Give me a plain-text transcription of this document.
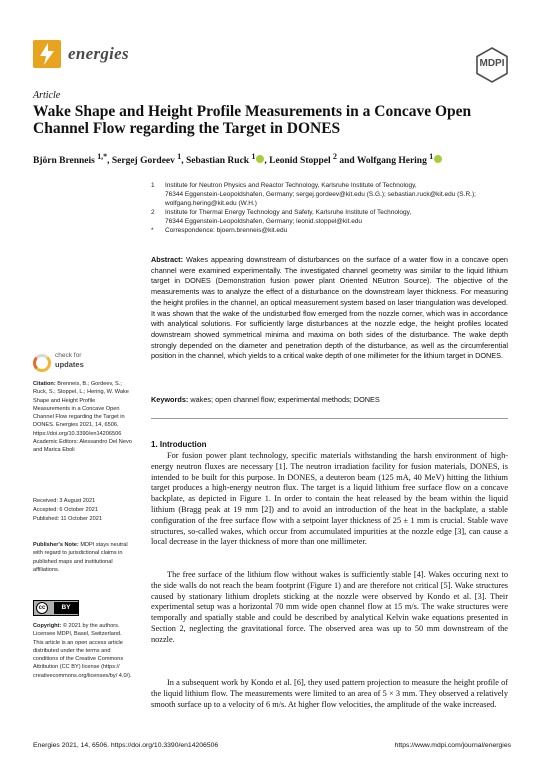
energies
MDPI
Article
Wake Shape and Height Profile Measurements in a Concave Open Channel Flow regarding the Target in DONES
Björn Brenneis $^{1,*}$, Sergej Gordeev $^1$, Sebastian Ruck $^1$ , Leonid Stoppel $^2$ and Wolfgang Hering $^1$
1	Institute for Neutron Physics and Reactor Technology, Karlsruhe Institute of Technology,
76344 Eggenstein-Leopoldshafen, Germany; sergej.gordeev@kit.edu (S.G.); sebastian.ruck@kit.edu (S.R.);
wolfgang.hering@kit.edu (W.H.)
2	Institute for Thermal Energy Technology and Safety, Karlsruhe Institute of Technology,
76344 Eggenstein-Leopoldshafen, Germany; leonid.stoppel@kit.edu
*	Correspondence: bjoern.brenneis@kit.edu
Abstract: Wakes appearing downstream of disturbances on the surface of a water flow in a concave open channel were examined experimentally. The investigated channel geometry was similar to the liquid lithium target in DONES (Demonstration fusion power plant Oriented NEutron Source). The objective of the measurements was to analyze the effect of a disturbance on the downstream layer thickness. For measuring the height profiles in the channel, an optical measurement system based on laser triangulation was developed. It was shown that the wake of the undisturbed flow emerged from the nozzle corner, which was in accordance with analytical solutions. For sufficiently large disturbances at the nozzle edge, the height profiles located downstream showed symmetrical minima and maxima on both sides of the disturbance. The wake depth strongly depended on the diameter and penetration depth of the disturbance, as well as the circumferential position in the channel, which yields to a critical wake depth of one millimeter for the lithium target in DONES.
Keywords: wakes; open channel flow; experimental methods; DONES
check for
updates
Citation: Brenneis, B.; Gordeev, S.; Ruck, S.; Stoppel, L.; Hering, W. Wake Shape and Height Profile Measurements in a Concave Open Channel Flow regarding the Target in DONES. Energies 2021, 14, 6506. https://doi.org/10.3390/en14206506
Academic Editors: Alessandro Del Nevo and Marica Eboli
Received: 3 August 2021
Accepted: 6 October 2021
Published: 11 October 2021
Publisher's Note: MDPI stays neutral with regard to jurisdictional claims in published maps and institutional affiliations.
cc	BY
Copyright: © 2021 by the authors. Licensee MDPI, Basel, Switzerland. This article is an open access article distributed under the terms and conditions of the Creative Commons Attribution (CC BY) license (https:// creativecommons.org/licenses/by/ 4.0/).
1. Introduction
For fusion power plant technology, specific materials withstanding the harsh environment of high-energy neutron fluxes are necessary [1]. The neutron irradiation facility for fusion materials, DONES, is intended to be built for this purpose. In DONES, a deuteron beam (125 mA, 40 MeV) hitting the lithium target produces a high-energy neutron flux. The target is a liquid lithium free surface flow on a concave backplate, as depicted in Figure 1. In order to contain the heat released by the beam within the liquid lithium (Bragg peak at 19 mm [2]) and to avoid an introduction of the heat in the backplate, a stable configuration of the free surface flow with a setpoint layer thickness of 25 ± 1 mm is crucial. Stable wave structures, so-called wakes, which occur from accumulated impurities at the nozzle edge [3], can cause a local decrease in the layer thickness of more than one millimeter.
The free surface of the lithium flow without wakes is sufficiently stable [4]. Wakes occuring next to the side walls do not reach the beam footprint (Figure 1) and are therefore not critical [5]. Wake structures caused by stationary lithium droplets sticking at the nozzle were observed by Kondo et al. [3]. Their experimental setup was a horizontal 70 mm wide open channel flow at 15 m/s. The wake structures were temporally and spatially stable and could be described by analytical Kelvin wake equations presented in Section 2, neglecting the gravitational force. The observed area was up to 50 mm downstream of the nozzle.
In a subsequent work by Kondo et al. [6], they used pattern projection to measure the height profile of the liquid lithium flow. The measurements were limited to an area of 5 × 3 mm. They observed a relatively smooth surface up to a velocity of 6 m/s. At higher flow velocities, the amplitude of the wake increased.
Energies 2021, 14, 6506. https://doi.org/10.3390/en14206506	https://www.mdpi.com/journal/energies
